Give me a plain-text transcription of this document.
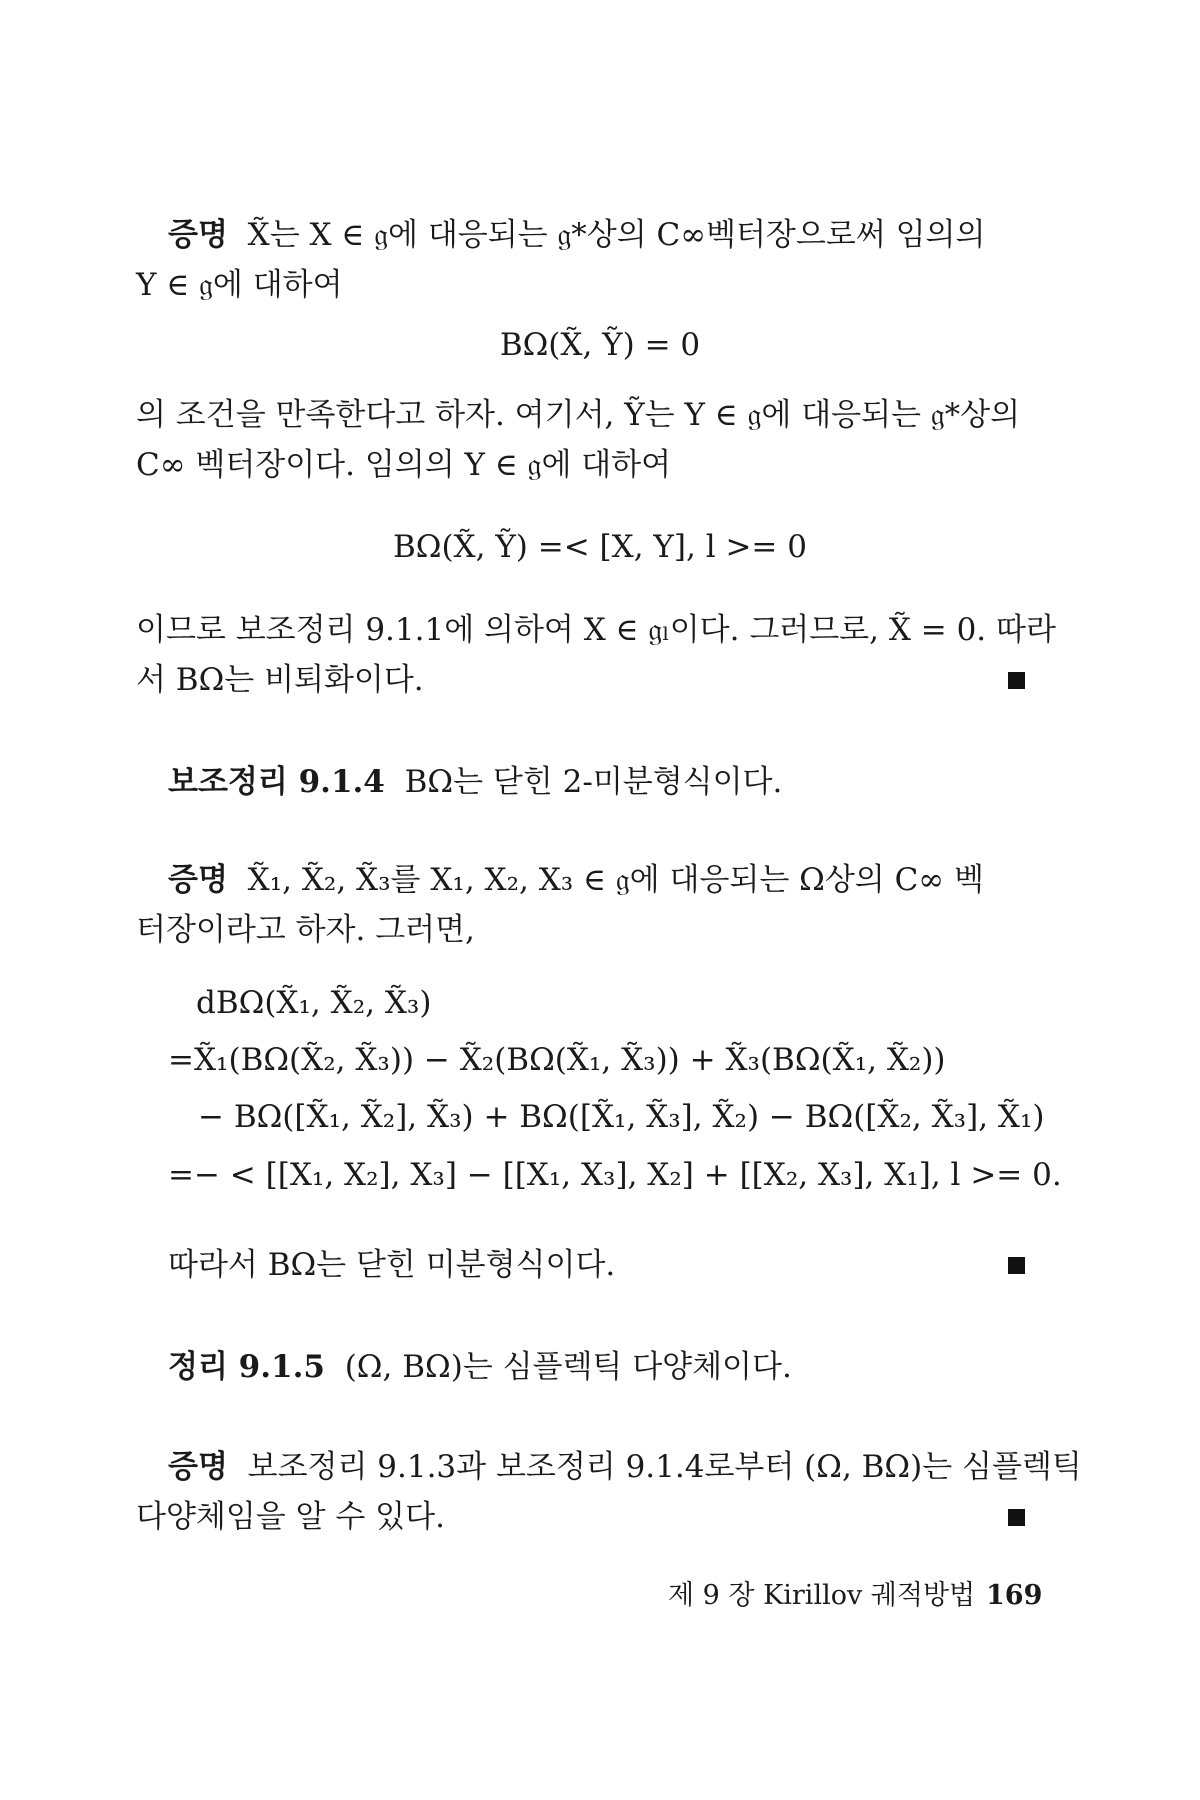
증명 X̃는 X ∈ 𝔤에 대응되는 𝔤*상의 C∞벡터장으로써 임의의
Y ∈ 𝔤에 대하여
BΩ(X̃, Ỹ) = 0
의 조건을 만족한다고 하자. 여기서, Ỹ는 Y ∈ 𝔤에 대응되는 𝔤*상의
C∞ 벡터장이다. 임의의 Y ∈ 𝔤에 대하여
BΩ(X̃, Ỹ) =< [X, Y], l >= 0
이므로 보조정리 9.1.1에 의하여 X ∈ 𝔤ₗ이다. 그러므로, X̃ = 0. 따라
서 BΩ는 비퇴화이다.
보조정리 9.1.4 BΩ는 닫힌 2-미분형식이다.
증명 X̃₁, X̃₂, X̃₃를 X₁, X₂, X₃ ∈ 𝔤에 대응되는 Ω상의 C∞ 벡
터장이라고 하자. 그러면,
dBΩ(X̃₁, X̃₂, X̃₃)
=X̃₁(BΩ(X̃₂, X̃₃)) − X̃₂(BΩ(X̃₁, X̃₃)) + X̃₃(BΩ(X̃₁, X̃₂))
− BΩ([X̃₁, X̃₂], X̃₃) + BΩ([X̃₁, X̃₃], X̃₂) − BΩ([X̃₂, X̃₃], X̃₁)
=− < [[X₁, X₂], X₃] − [[X₁, X₃], X₂] + [[X₂, X₃], X₁], l >= 0.
따라서 BΩ는 닫힌 미분형식이다.
정리 9.1.5 (Ω, BΩ)는 심플렉틱 다양체이다.
증명 보조정리 9.1.3과 보조정리 9.1.4로부터 (Ω, BΩ)는 심플렉틱
다양체임을 알 수 있다.
제 9 장 Kirillov 궤적방법 169
